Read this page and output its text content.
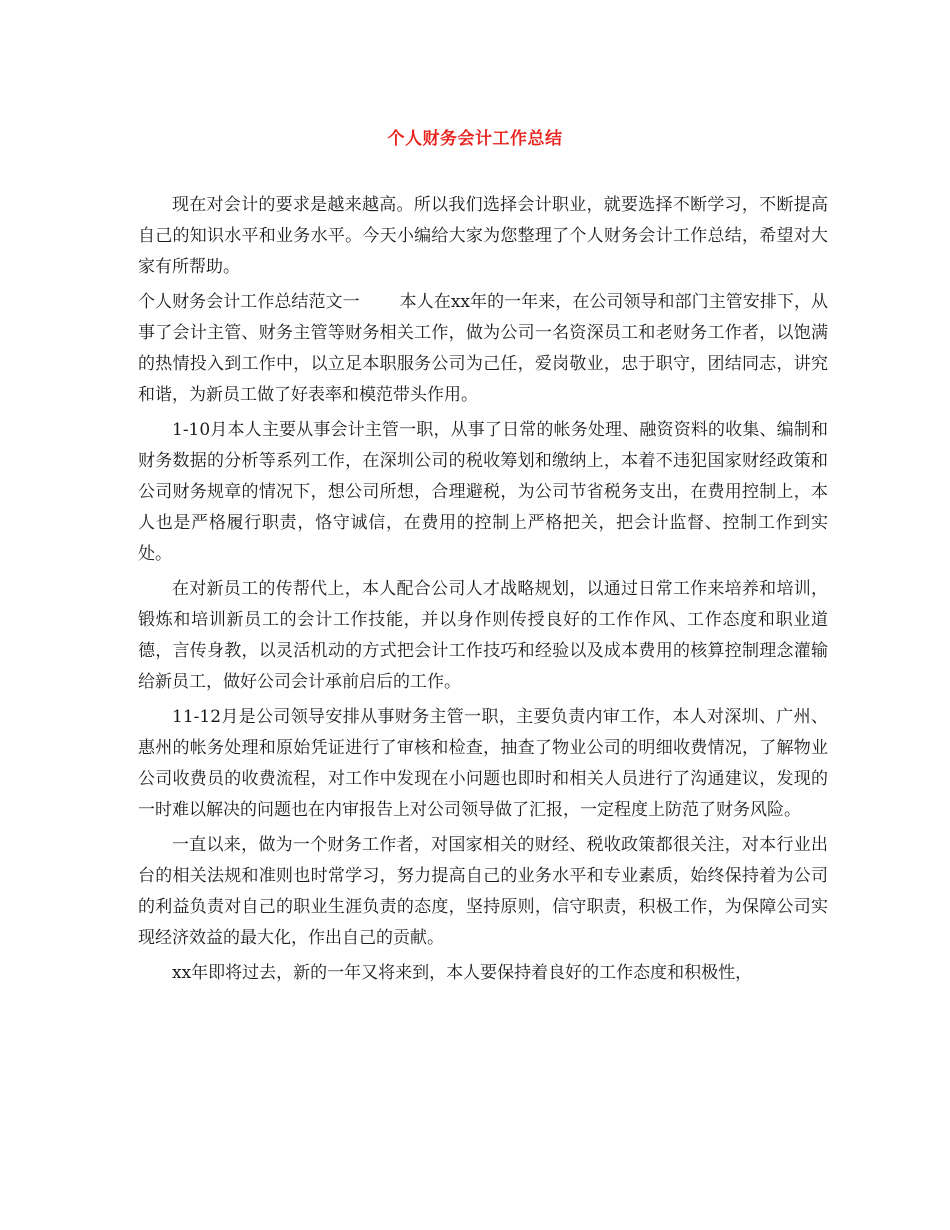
个人财务会计工作总结

现在对会计的要求是越来越高。所以我们选择会计职业，就要选择不断学习，不断提高自己的知识水平和业务水平。今天小编给大家为您整理了个人财务会计工作总结，希望对大家有所帮助。

个人财务会计工作总结范文一 本人在xx年的一年来，在公司领导和部门主管安排下，从事了会计主管、财务主管等财务相关工作，做为公司一名资深员工和老财务工作者，以饱满的热情投入到工作中，以立足本职服务公司为己任，爱岗敬业，忠于职守，团结同志，讲究和谐，为新员工做了好表率和模范带头作用。

1-10月本人主要从事会计主管一职，从事了日常的帐务处理、融资资料的收集、编制和财务数据的分析等系列工作，在深圳公司的税收筹划和缴纳上，本着不违犯国家财经政策和公司财务规章的情况下，想公司所想，合理避税，为公司节省税务支出，在费用控制上，本人也是严格履行职责，恪守诚信，在费用的控制上严格把关，把会计监督、控制工作到实处。

在对新员工的传帮代上，本人配合公司人才战略规划，以通过日常工作来培养和培训，锻炼和培训新员工的会计工作技能，并以身作则传授良好的工作作风、工作态度和职业道德，言传身教，以灵活机动的方式把会计工作技巧和经验以及成本费用的核算控制理念灌输给新员工，做好公司会计承前启后的工作。

11-12月是公司领导安排从事财务主管一职，主要负责内审工作，本人对深圳、广州、惠州的帐务处理和原始凭证进行了审核和检查，抽查了物业公司的明细收费情况，了解物业公司收费员的收费流程，对工作中发现在小问题也即时和相关人员进行了沟通建议，发现的一时难以解决的问题也在内审报告上对公司领导做了汇报，一定程度上防范了财务风险。

一直以来，做为一个财务工作者，对国家相关的财经、税收政策都很关注，对本行业出台的相关法规和准则也时常学习，努力提高自己的业务水平和专业素质，始终保持着为公司的利益负责对自己的职业生涯负责的态度，坚持原则，信守职责，积极工作，为保障公司实现经济效益的最大化，作出自己的贡献。

xx年即将过去，新的一年又将来到，本人要保持着良好的工作态度和积极性，
